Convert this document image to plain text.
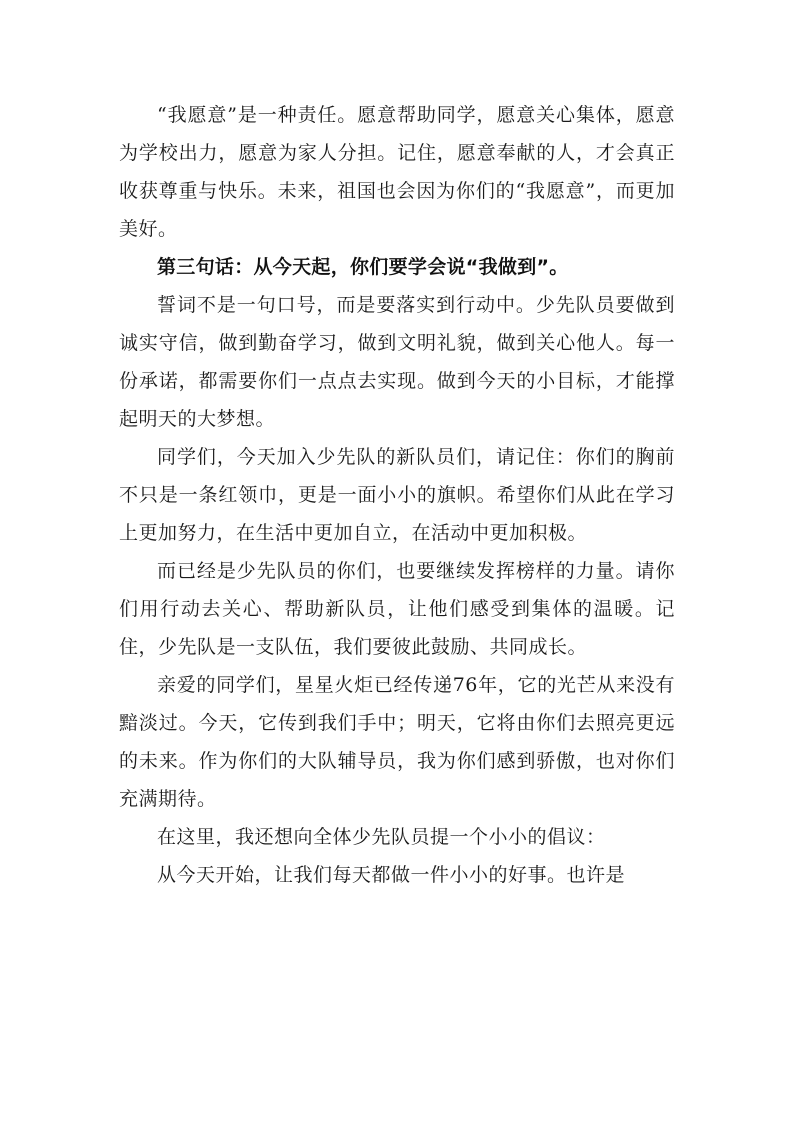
“我愿意”是一种责任。愿意帮助同学，愿意关心集体，愿意为学校出力，愿意为家人分担。记住，愿意奉献的人，才会真正收获尊重与快乐。未来，祖国也会因为你们的“我愿意”，而更加美好。

第三句话：从今天起，你们要学会说“我做到”。

誓词不是一句口号，而是要落实到行动中。少先队员要做到诚实守信，做到勤奋学习，做到文明礼貌，做到关心他人。每一份承诺，都需要你们一点点去实现。做到今天的小目标，才能撑起明天的大梦想。

同学们，今天加入少先队的新队员们，请记住：你们的胸前不只是一条红领巾，更是一面小小的旗帜。希望你们从此在学习上更加努力，在生活中更加自立，在活动中更加积极。

而已经是少先队员的你们，也要继续发挥榜样的力量。请你们用行动去关心、帮助新队员，让他们感受到集体的温暖。记住，少先队是一支队伍，我们要彼此鼓励、共同成长。

亲爱的同学们，星星火炬已经传递76年，它的光芒从来没有黯淡过。今天，它传到我们手中；明天，它将由你们去照亮更远的未来。作为你们的大队辅导员，我为你们感到骄傲，也对你们充满期待。

在这里，我还想向全体少先队员提一个小小的倡议：

从今天开始，让我们每天都做一件小小的好事。也许是
